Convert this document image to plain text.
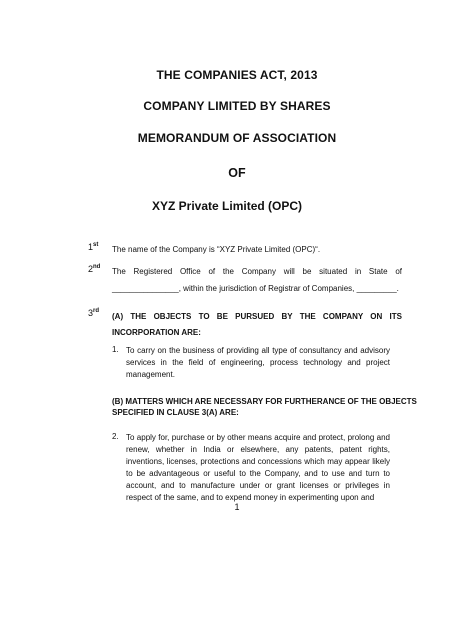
THE COMPANIES ACT, 2013
COMPANY LIMITED BY SHARES
MEMORANDUM OF ASSOCIATION
OF
XYZ Private Limited (OPC)
1st The name of the Company is “XYZ Private Limited (OPC)“.
2nd The Registered Office of the Company will be situated in State of
_______________, within the jurisdiction of Registrar of Companies, _________.
3rd
(A) THE OBJECTS TO BE PURSUED BY THE COMPANY ON ITS
INCORPORATION ARE:
1. To carry on the business of providing all type of consultancy and advisory services in the field of engineering, process technology and project management.
(B) MATTERS WHICH ARE NECESSARY FOR FURTHERANCE OF THE OBJECTS
SPECIFIED IN CLAUSE 3(A) ARE:
2. To apply for, purchase or by other means acquire and protect, prolong and renew, whether in India or elsewhere, any patents, patent rights, inventions, licenses, protections and concessions which may appear likely to be advantageous or useful to the Company, and to use and turn to account, and to manufacture under or grant licenses or privileges in respect of the same, and to expend money in experimenting upon and
1
